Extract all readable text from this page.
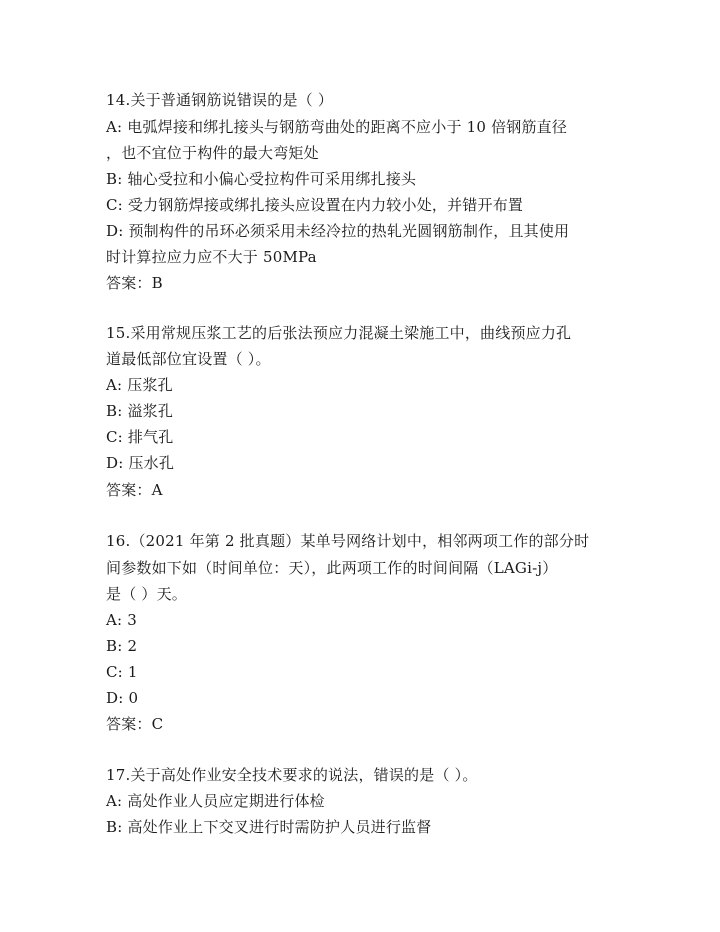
14.关于普通钢筋说错误的是（ ）
A: 电弧焊接和绑扎接头与钢筋弯曲处的距离不应小于 10 倍钢筋直径
，也不宜位于构件的最大弯矩处
B: 轴心受拉和小偏心受拉构件可采用绑扎接头
C: 受力钢筋焊接或绑扎接头应设置在内力较小处，并错开布置
D: 预制构件的吊环必须采用未经冷拉的热轧光圆钢筋制作，且其使用
时计算拉应力应不大于 50MPa
答案：B
15.采用常规压浆工艺的后张法预应力混凝土梁施工中，曲线预应力孔
道最低部位宜设置（ ）。
A: 压浆孔
B: 溢浆孔
C: 排气孔
D: 压水孔
答案：A
16.（2021 年第 2 批真题）某单号网络计划中，相邻两项工作的部分时
间参数如下如（时间单位：天），此两项工作的时间间隔（LAGi-j）
是（ ）天。
A: 3
B: 2
C: 1
D: 0
答案：C
17.关于高处作业安全技术要求的说法，错误的是（ ）。
A: 高处作业人员应定期进行体检
B: 高处作业上下交叉进行时需防护人员进行监督
